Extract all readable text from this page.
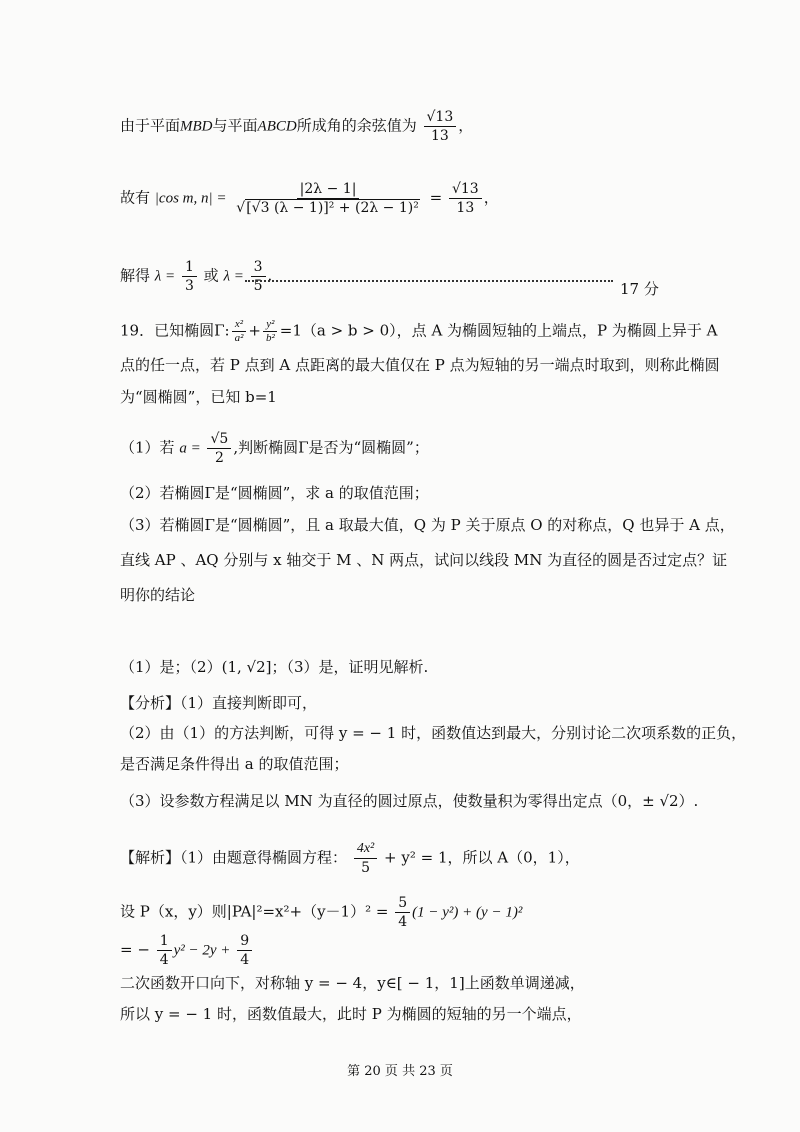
由于平面MBD与平面ABCD所成角的余弦值为 $\frac{√13}{13}$ ，
故有 |cos m, $n| = \frac{|2\lambda - 1|}{\text{√[√3 (λ − 1)]² + (2λ − 1)²}} = \frac{√13}{13}$ ，
解得 $\lambda = \frac{1}{3}$ 或 $\lambda = \frac{3}{5}$ .
17 分
19．已知椭圆Γ: $\frac{\text{x²}}{\text{a²}} + \frac{\text{y²}}{\text{b²}} =1(a > b > 0)$，点 A 为椭圆短轴的上端点，P 为椭圆上异于 A
点的任一点，若 P 点到 A 点距离的最大值仅在 P 点为短轴的另一端点时取到，则称此椭圆
为“圆椭圆”，已知 b=1
（1）若 $a = \frac{√5}{2}$ ,判断椭圆Γ是否为“圆椭圆”；
（2）若椭圆Γ是“圆椭圆”，求 a 的取值范围；
（3）若椭圆Γ是“圆椭圆”，且 a 取最大值，Q 为 P 关于原点 O 的对称点，Q 也异于 A 点，
直线 AP 、AQ 分别与 x 轴交于 M 、N 两点，试问以线段 MN 为直径的圆是否过定点？证
明你的结论
（1）是；（2）(1, √2]；（3）是，证明见解析.
【分析】（1）直接判断即可，
（2）由（1）的方法判断，可得 y = − 1 时，函数值达到最大，分别讨论二次项系数的正负，
是否满足条件得出 a 的取值范围；
（3）设参数方程满足以 MN 为直径的圆过原点，使数量积为零得出定点（0，± √2）.
【解析】（1）由题意得椭圆方程： $\frac{\text{4x²}}{5} + y^2 = 1$，所以 A（0，1），
设 P（x，y）则$|PA|^2=x^2+(y-1)^2 = \frac{5}{4} (1 - y^2) + (y - 1)^2$
= − $\frac{1}{4} y^2 - 2y + \frac{9}{4}$
二次函数开口向下，对称轴 y = − 4，y∈[ − 1，1]上函数单调递减，
所以 y = − 1 时，函数值最大，此时 P 为椭圆的短轴的另一个端点，
第 20 页 共 23 页
